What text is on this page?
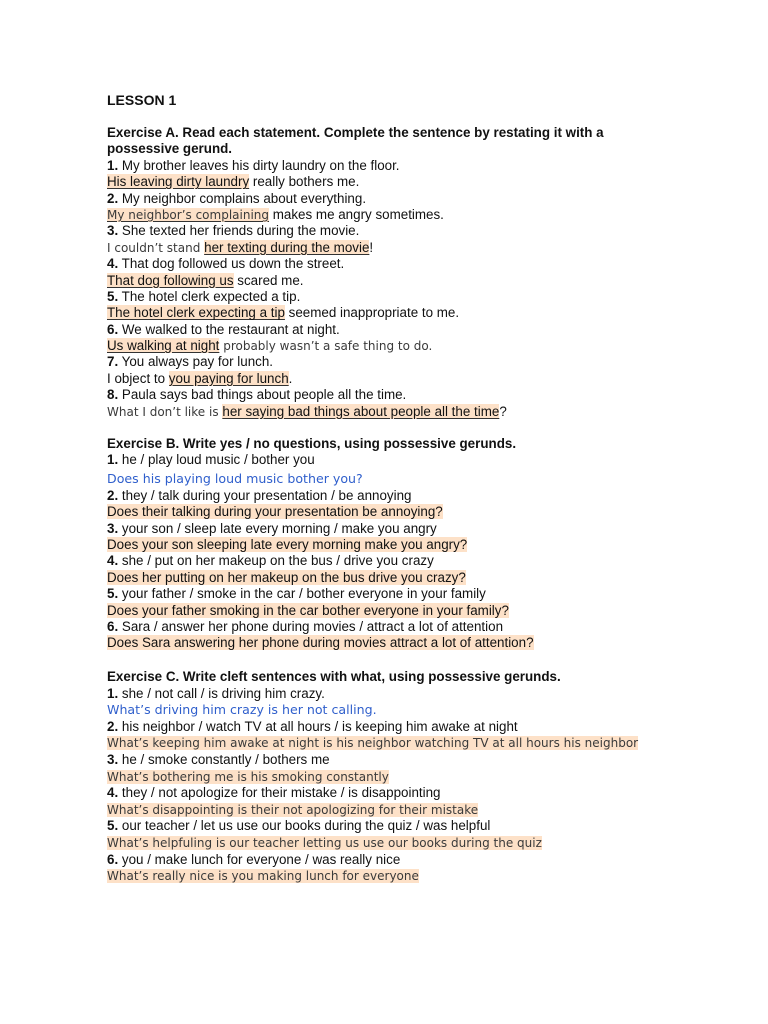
LESSON 1
Exercise A. Read each statement. Complete the sentence by restating it with a
possessive gerund.
1. My brother leaves his dirty laundry on the floor.
His leaving dirty laundry really bothers me.
2. My neighbor complains about everything.
My neighbor’s complaining makes me angry sometimes.
3. She texted her friends during the movie.
I couldn’t stand her texting during the movie!
4. That dog followed us down the street.
That dog following us scared me.
5. The hotel clerk expected a tip.
The hotel clerk expecting a tip seemed inappropriate to me.
6. We walked to the restaurant at night.
Us walking at night probably wasn’t a safe thing to do.
7. You always pay for lunch.
I object to you paying for lunch.
8. Paula says bad things about people all the time.
What I don’t like is her saying bad things about people all the time?
Exercise B. Write yes / no questions, using possessive gerunds.
1. he / play loud music / bother you
Does his playing loud music bother you?
2. they / talk during your presentation / be annoying
Does their talking during your presentation be annoying?
3. your son / sleep late every morning / make you angry
Does your son sleeping late every morning make you angry?
4. she / put on her makeup on the bus / drive you crazy
Does her putting on her makeup on the bus drive you crazy?
5. your father / smoke in the car / bother everyone in your family
Does your father smoking in the car bother everyone in your family?
6. Sara / answer her phone during movies / attract a lot of attention
Does Sara answering her phone during movies attract a lot of attention?
Exercise C. Write cleft sentences with what, using possessive gerunds.
1. she / not call / is driving him crazy.
What’s driving him crazy is her not calling.
2. his neighbor / watch TV at all hours / is keeping him awake at night
What’s keeping him awake at night is his neighbor watching TV at all hours his neighbor
3. he / smoke constantly / bothers me
What’s bothering me is his smoking constantly
4. they / not apologize for their mistake / is disappointing
What’s disappointing is their not apologizing for their mistake
5. our teacher / let us use our books during the quiz / was helpful
What’s helpfuling is our teacher letting us use our books during the quiz
6. you / make lunch for everyone / was really nice
What’s really nice is you making lunch for everyone
